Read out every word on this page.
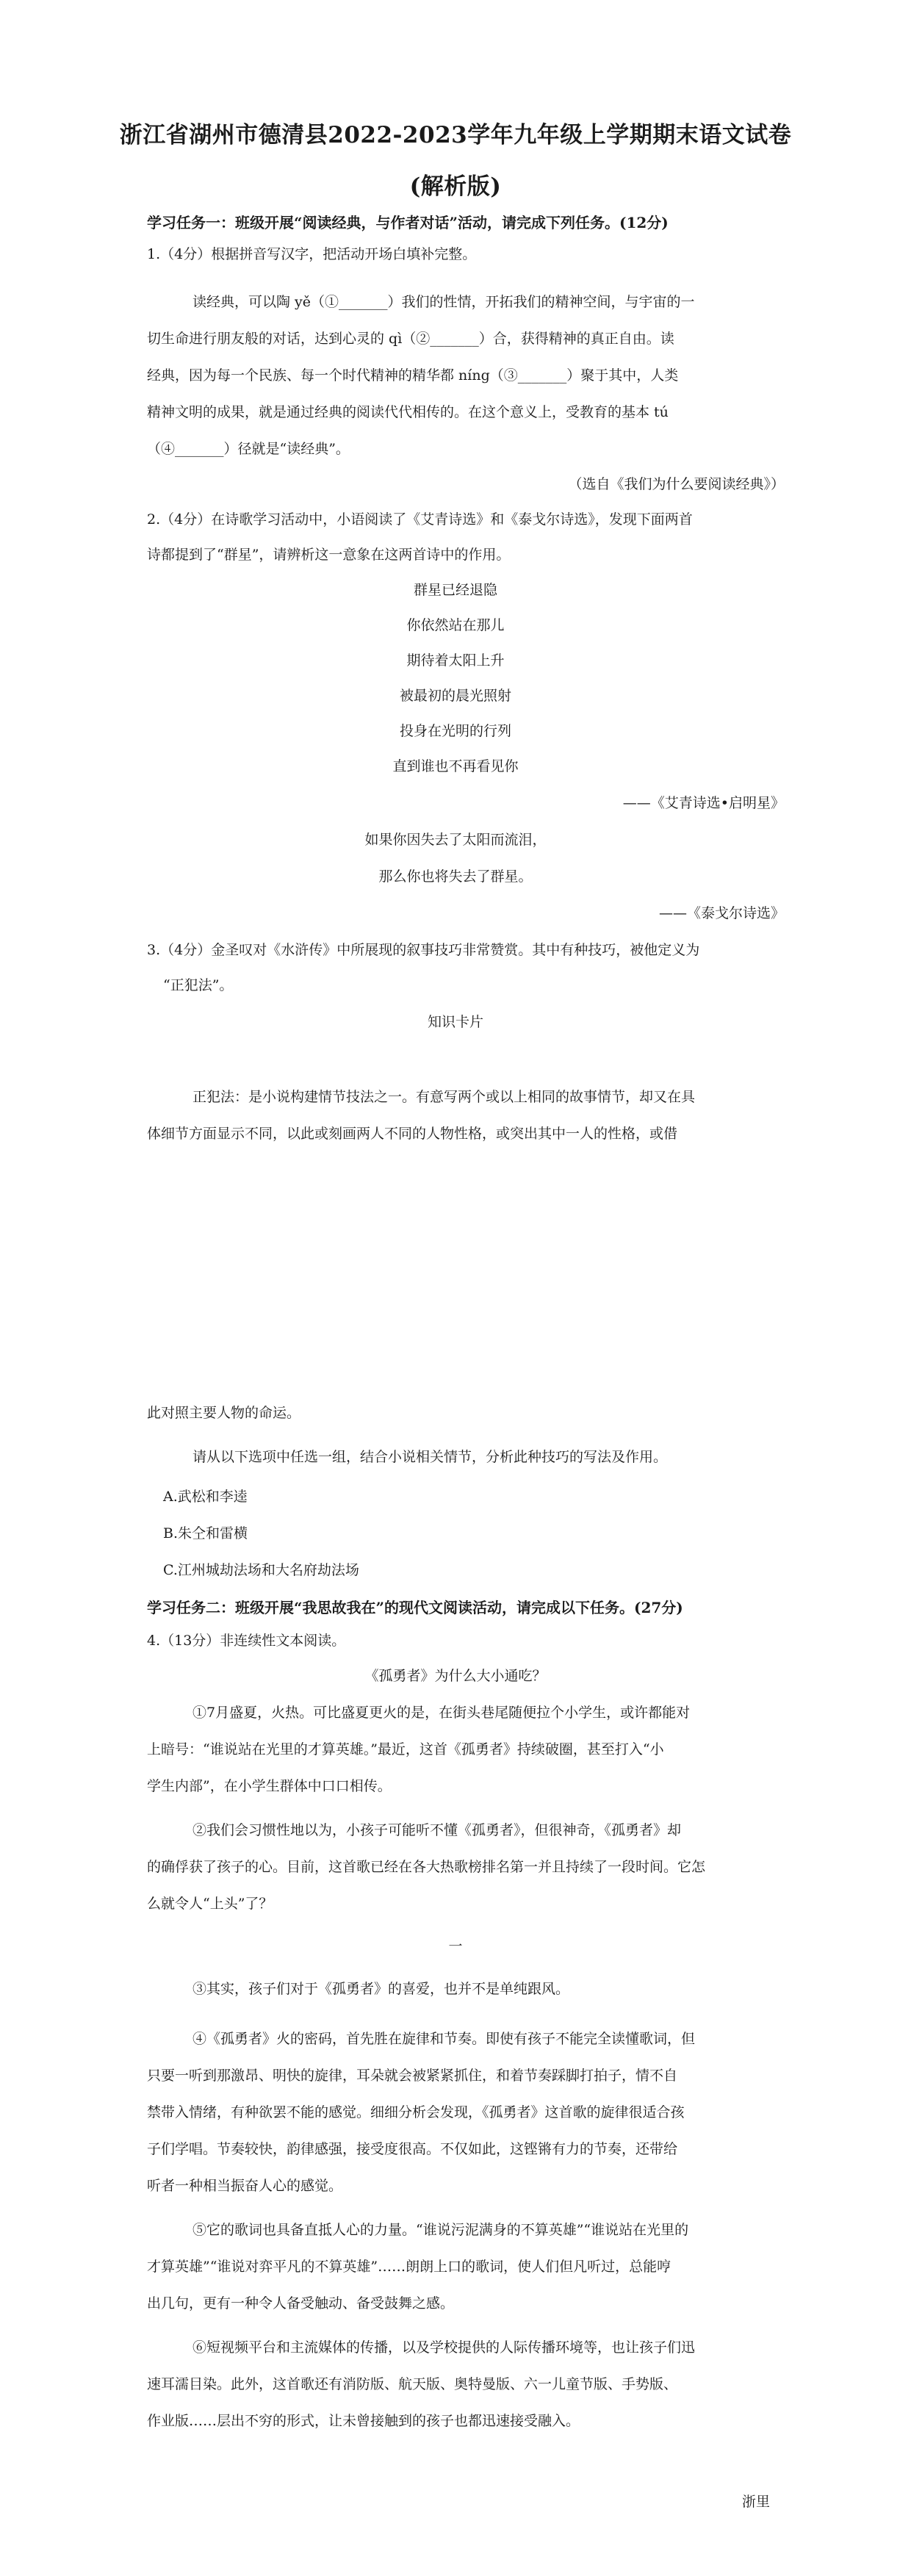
浙江省湖州市德清县2022-2023学年九年级上学期期末语文试卷
(解析版)
学习任务一：班级开展“阅读经典，与作者对话”活动，请完成下列任务。(12分)
1.（4分）根据拼音写汉字，把活动开场白填补完整。
读经典，可以陶 yě（①_______）我们的性情，开拓我们的精神空间，与宇宙的一
切生命进行朋友般的对话，达到心灵的 qì（②_______）合，获得精神的真正自由。读
经典，因为每一个民族、每一个时代精神的精华都 níng（③_______）聚于其中，人类
精神文明的成果，就是通过经典的阅读代代相传的。在这个意义上，受教育的基本 tú
（④_______）径就是“读经典”。
（选自《我们为什么要阅读经典》）
2.（4分）在诗歌学习活动中，小语阅读了《艾青诗选》和《泰戈尔诗选》，发现下面两首
诗都提到了“群星”，请辨析这一意象在这两首诗中的作用。
群星已经退隐
你依然站在那儿
期待着太阳上升
被最初的晨光照射
投身在光明的行列
直到谁也不再看见你
——《艾青诗选•启明星》
如果你因失去了太阳而流泪，
那么你也将失去了群星。
——《泰戈尔诗选》
3.（4分）金圣叹对《水浒传》中所展现的叙事技巧非常赞赏。其中有种技巧，被他定义为
“正犯法”。
知识卡片
正犯法：是小说构建情节技法之一。有意写两个或以上相同的故事情节，却又在具
体细节方面显示不同，以此或刻画两人不同的人物性格，或突出其中一人的性格，或借
此对照主要人物的命运。
请从以下选项中任选一组，结合小说相关情节，分析此种技巧的写法及作用。
A.武松和李逵
B.朱仝和雷横
C.江州城劫法场和大名府劫法场
学习任务二：班级开展“我思故我在”的现代文阅读活动，请完成以下任务。(27分)
4.（13分）非连续性文本阅读。
《孤勇者》为什么大小通吃？
①7月盛夏，火热。可比盛夏更火的是，在街头巷尾随便拉个小学生，或许都能对
上暗号：“谁说站在光里的才算英雄。”最近，这首《孤勇者》持续破圈，甚至打入“小
学生内部”，在小学生群体中口口相传。
②我们会习惯性地以为，小孩子可能听不懂《孤勇者》，但很神奇，《孤勇者》却
的确俘获了孩子的心。目前，这首歌已经在各大热歌榜排名第一并且持续了一段时间。它怎
么就令人“上头”了？
一
③其实，孩子们对于《孤勇者》的喜爱，也并不是单纯跟风。
④《孤勇者》火的密码，首先胜在旋律和节奏。即使有孩子不能完全读懂歌词，但
只要一听到那激昂、明快的旋律，耳朵就会被紧紧抓住，和着节奏踩脚打拍子，情不自
禁带入情绪，有种欲罢不能的感觉。细细分析会发现，《孤勇者》这首歌的旋律很适合孩
子们学唱。节奏较快，韵律感强，接受度很高。不仅如此，这铿锵有力的节奏，还带给
听者一种相当振奋人心的感觉。
⑤它的歌词也具备直抵人心的力量。“谁说污泥满身的不算英雄”“谁说站在光里的
才算英雄”“谁说对弈平凡的不算英雄”……朗朗上口的歌词，使人们但凡听过，总能哼
出几句，更有一种令人备受触动、备受鼓舞之感。
⑥短视频平台和主流媒体的传播，以及学校提供的人际传播环境等，也让孩子们迅
速耳濡目染。此外，这首歌还有消防版、航天版、奥特曼版、六一儿童节版、手势版、
作业版……层出不穷的形式，让未曾接触到的孩子也都迅速接受融入。
浙里
